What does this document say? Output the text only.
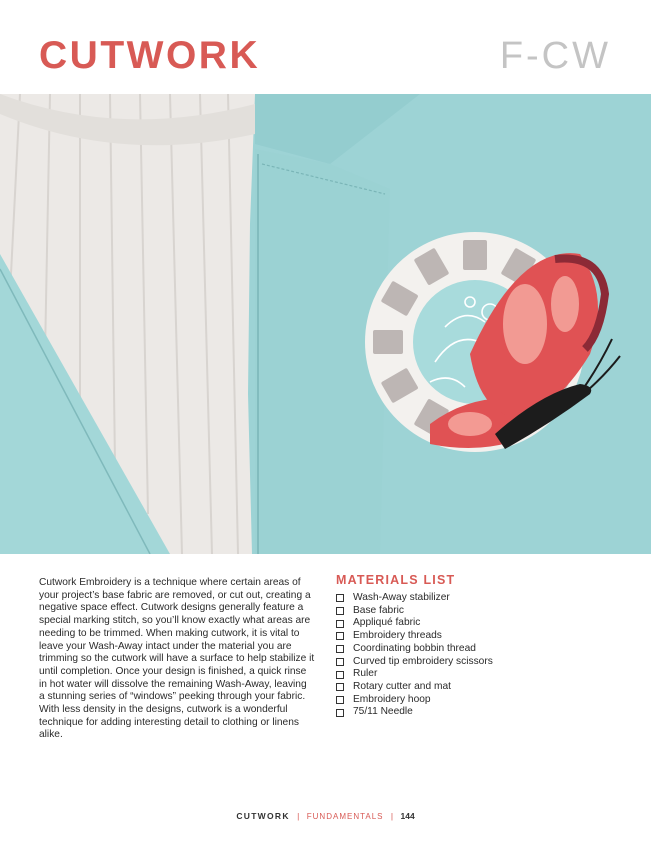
CUTWORK	F-CW

Cutwork Embroidery is a technique where certain areas of your project’s base fabric are removed, or cut out, creating a negative space effect. Cutwork designs generally feature a special marking stitch, so you’ll know exactly what areas are needing to be trimmed. When making cutwork, it is vital to leave your Wash-Away intact under the material you are trimming so the cutwork will have a surface to help stabilize it until completion. Once your design is finished, a quick rinse in hot water will dissolve the remaining Wash-Away, leaving a stunning series of “windows” peeking through your fabric. With less density in the designs, cutwork is a wonderful technique for adding interesting detail to clothing or linens alike.

MATERIALS LIST
Wash-Away stabilizer
Base fabric
Appliqué fabric
Embroidery threads
Coordinating bobbin thread
Curved tip embroidery scissors
Ruler
Rotary cutter and mat
Embroidery hoop
75/11 Needle
CUTWORK | FUNDAMENTALS | 144
